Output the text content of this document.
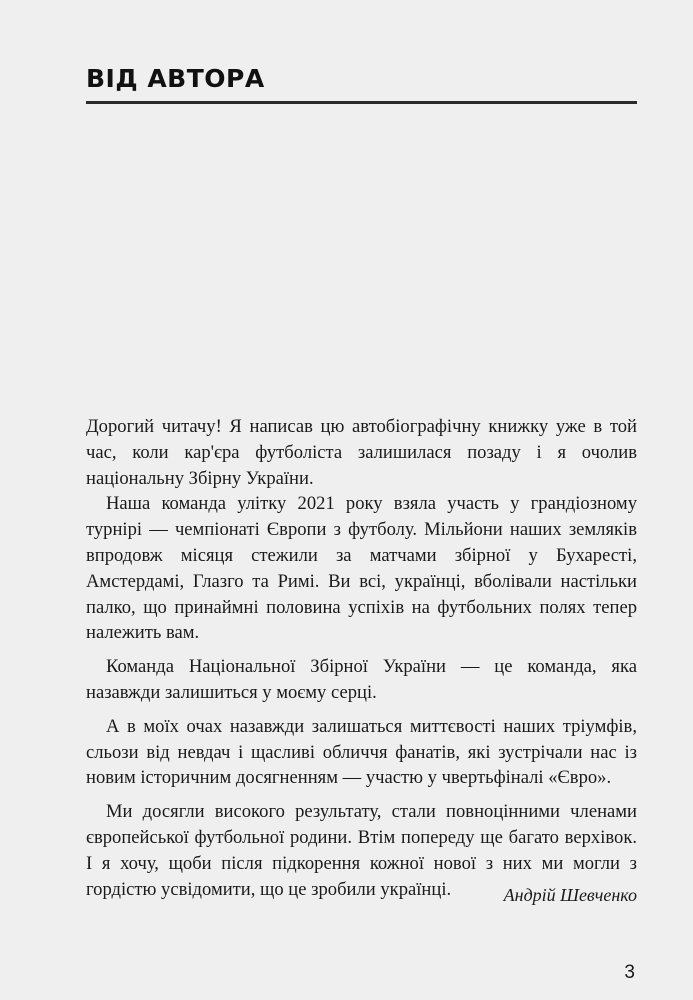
ВІД АВТОРА

Дорогий читачу! Я написав цю автобіографічну книжку уже в той час, коли кар'єра футболіста залишилася позаду і я очолив національну Збірну України.

Наша команда улітку 2021 року взяла участь у грандіозному турнірі — чемпіонаті Європи з футболу. Мільйони наших земляків впродовж місяця стежили за матчами збірної у Бухаресті, Амстердамі, Глазго та Римі. Ви всі, українці, вболівали настільки палко, що принаймні половина успіхів на футбольних полях тепер належить вам.

Команда Національної Збірної України — це команда, яка назавжди залишиться у моєму серці.

А в моїх очах назавжди залишаться миттєвості наших тріумфів, сльози від невдач і щасливі обличчя фанатів, які зустрічали нас із новим історичним досягненням — участю у чвертьфіналі «Євро».

Ми досягли високого результату, стали повноцінними членами європейської футбольної родини. Втім попереду ще багато верхівок. І я хочу, щоби після підкорення кожної нової з них ми могли з гордістю усвідомити, що це зробили українці.	Андрій Шевченко
3
